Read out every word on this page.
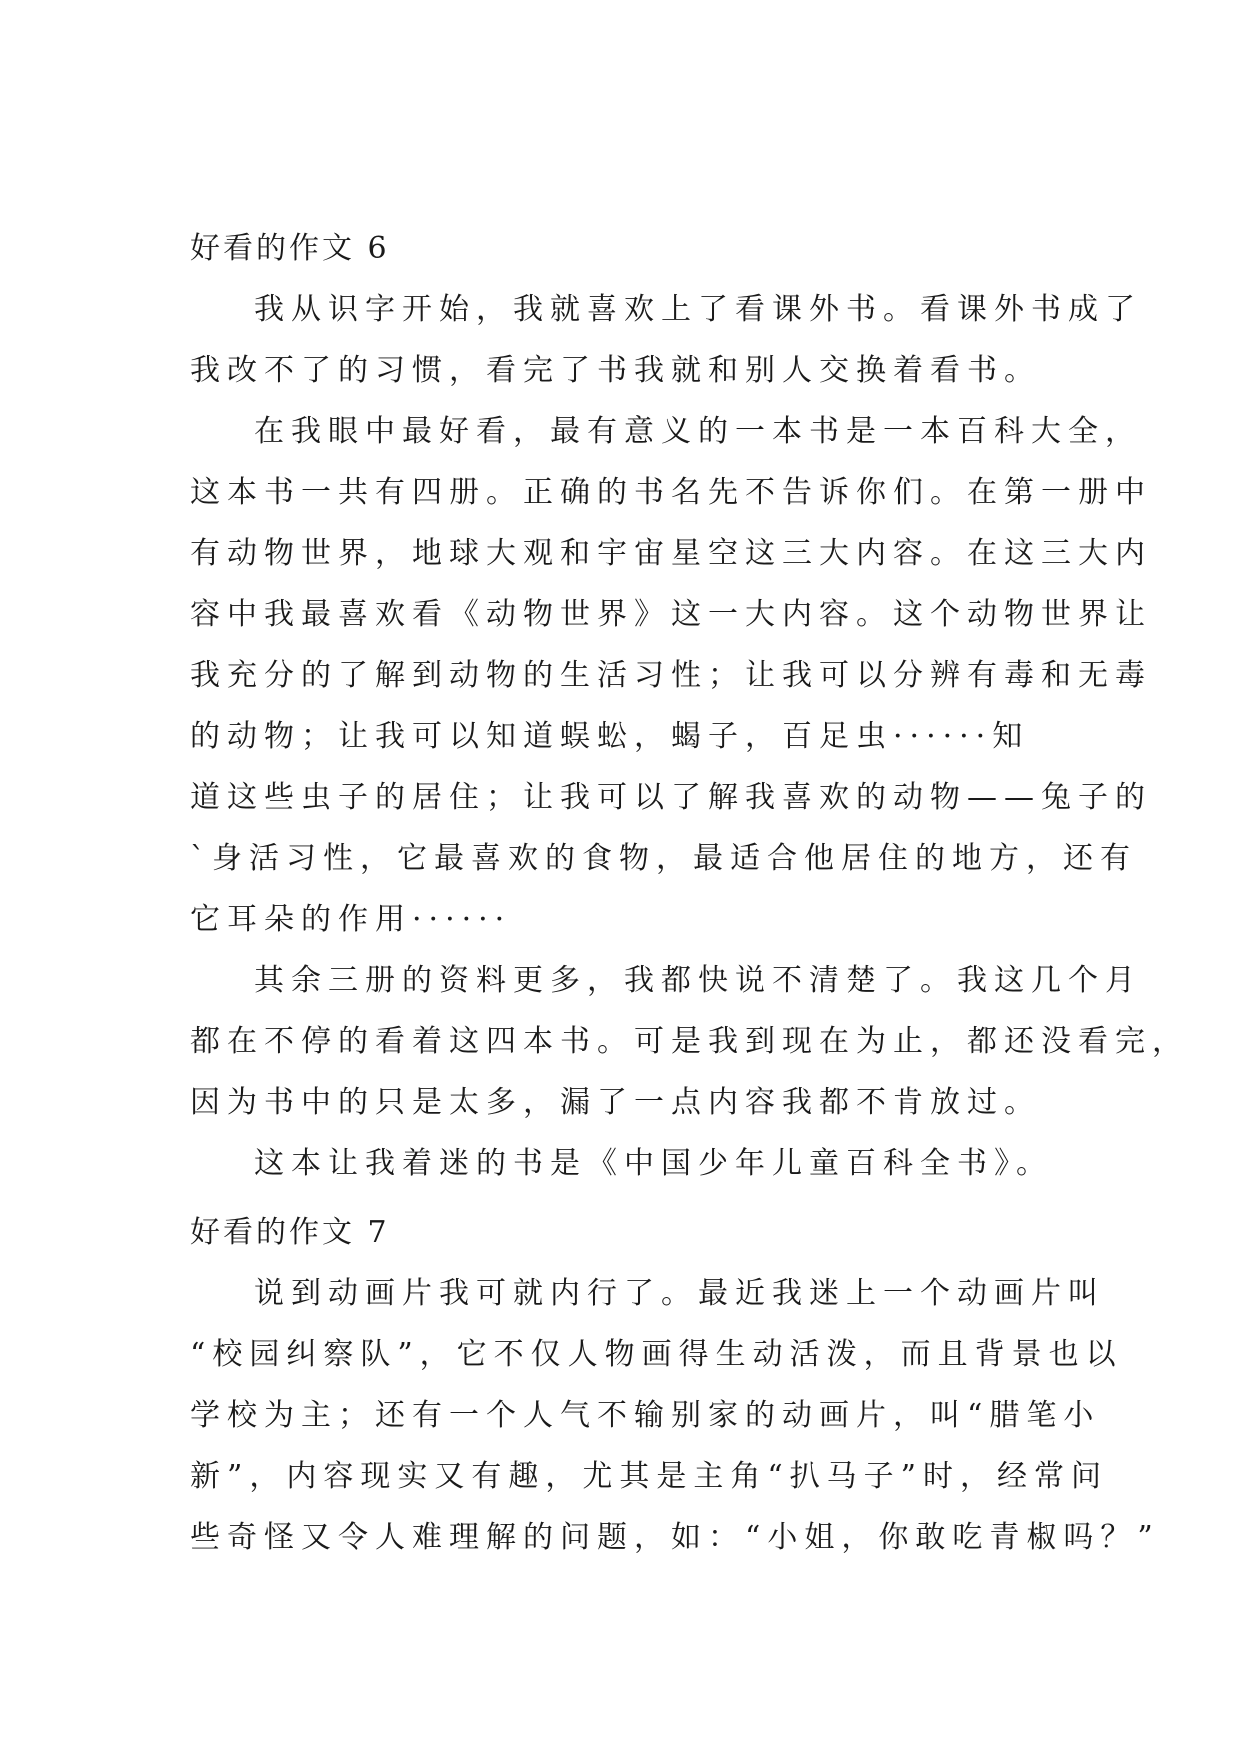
好看的作文 6
我从识字开始，我就喜欢上了看课外书。看课外书成了
我改不了的习惯，看完了书我就和别人交换着看书。
在我眼中最好看，最有意义的一本书是一本百科大全，
这本书一共有四册。正确的书名先不告诉你们。在第一册中
有动物世界，地球大观和宇宙星空这三大内容。在这三大内
容中我最喜欢看《动物世界》这一大内容。这个动物世界让
我充分的了解到动物的生活习性；让我可以分辨有毒和无毒
的动物；让我可以知道蜈蚣，蝎子，百足虫······知
道这些虫子的居住；让我可以了解我喜欢的动物——兔子的
`身活习性，它最喜欢的食物，最适合他居住的地方，还有
它耳朵的作用······
其余三册的资料更多，我都快说不清楚了。我这几个月
都在不停的看着这四本书。可是我到现在为止，都还没看完，
因为书中的只是太多，漏了一点内容我都不肯放过。
这本让我着迷的书是《中国少年儿童百科全书》。
好看的作文 7
说到动画片我可就内行了。最近我迷上一个动画片叫
“校园纠察队”，它不仅人物画得生动活泼，而且背景也以
学校为主；还有一个人气不输别家的动画片，叫“腊笔小
新”，内容现实又有趣，尤其是主角“扒马子”时，经常问
些奇怪又令人难理解的问题，如：“小姐，你敢吃青椒吗？”
